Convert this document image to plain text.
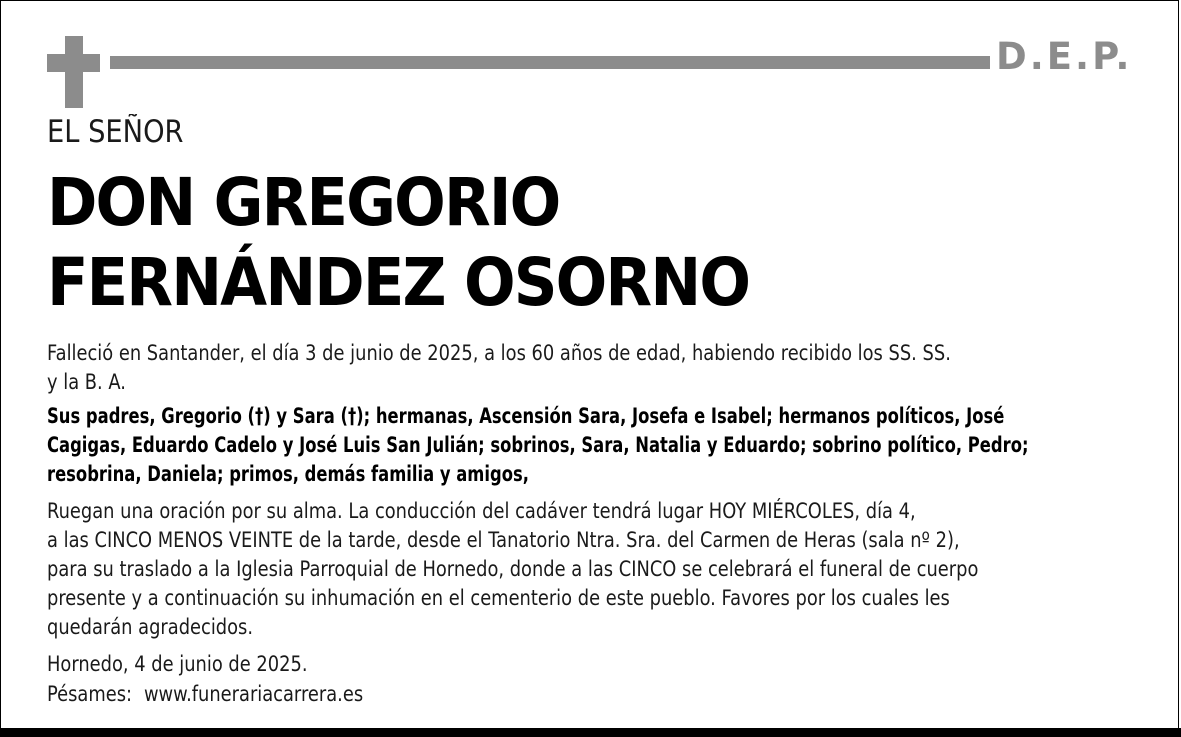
D.E.P.
EL SEÑOR
DON GREGORIO
FERNÁNDEZ OSORNO
Falleció en Santander, el día 3 de junio de 2025, a los 60 años de edad, habiendo recibido los SS. SS.
y la B. A.
Sus padres, Gregorio (†) y Sara (†); hermanas, Ascensión Sara, Josefa e Isabel; hermanos políticos, José
Cagigas, Eduardo Cadelo y José Luis San Julián; sobrinos, Sara, Natalia y Eduardo; sobrino político, Pedro;
resobrina, Daniela; primos, demás familia y amigos,
Ruegan una oración por su alma. La conducción del cadáver tendrá lugar HOY MIÉRCOLES, día 4,
a las CINCO MENOS VEINTE de la tarde, desde el Tanatorio Ntra. Sra. del Carmen de Heras (sala nº 2),
para su traslado a la Iglesia Parroquial de Hornedo, donde a las CINCO se celebrará el funeral de cuerpo
presente y a continuación su inhumación en el cementerio de este pueblo. Favores por los cuales les
quedarán agradecidos.
Hornedo, 4 de junio de 2025.
Pésames: www.funerariacarrera.es
